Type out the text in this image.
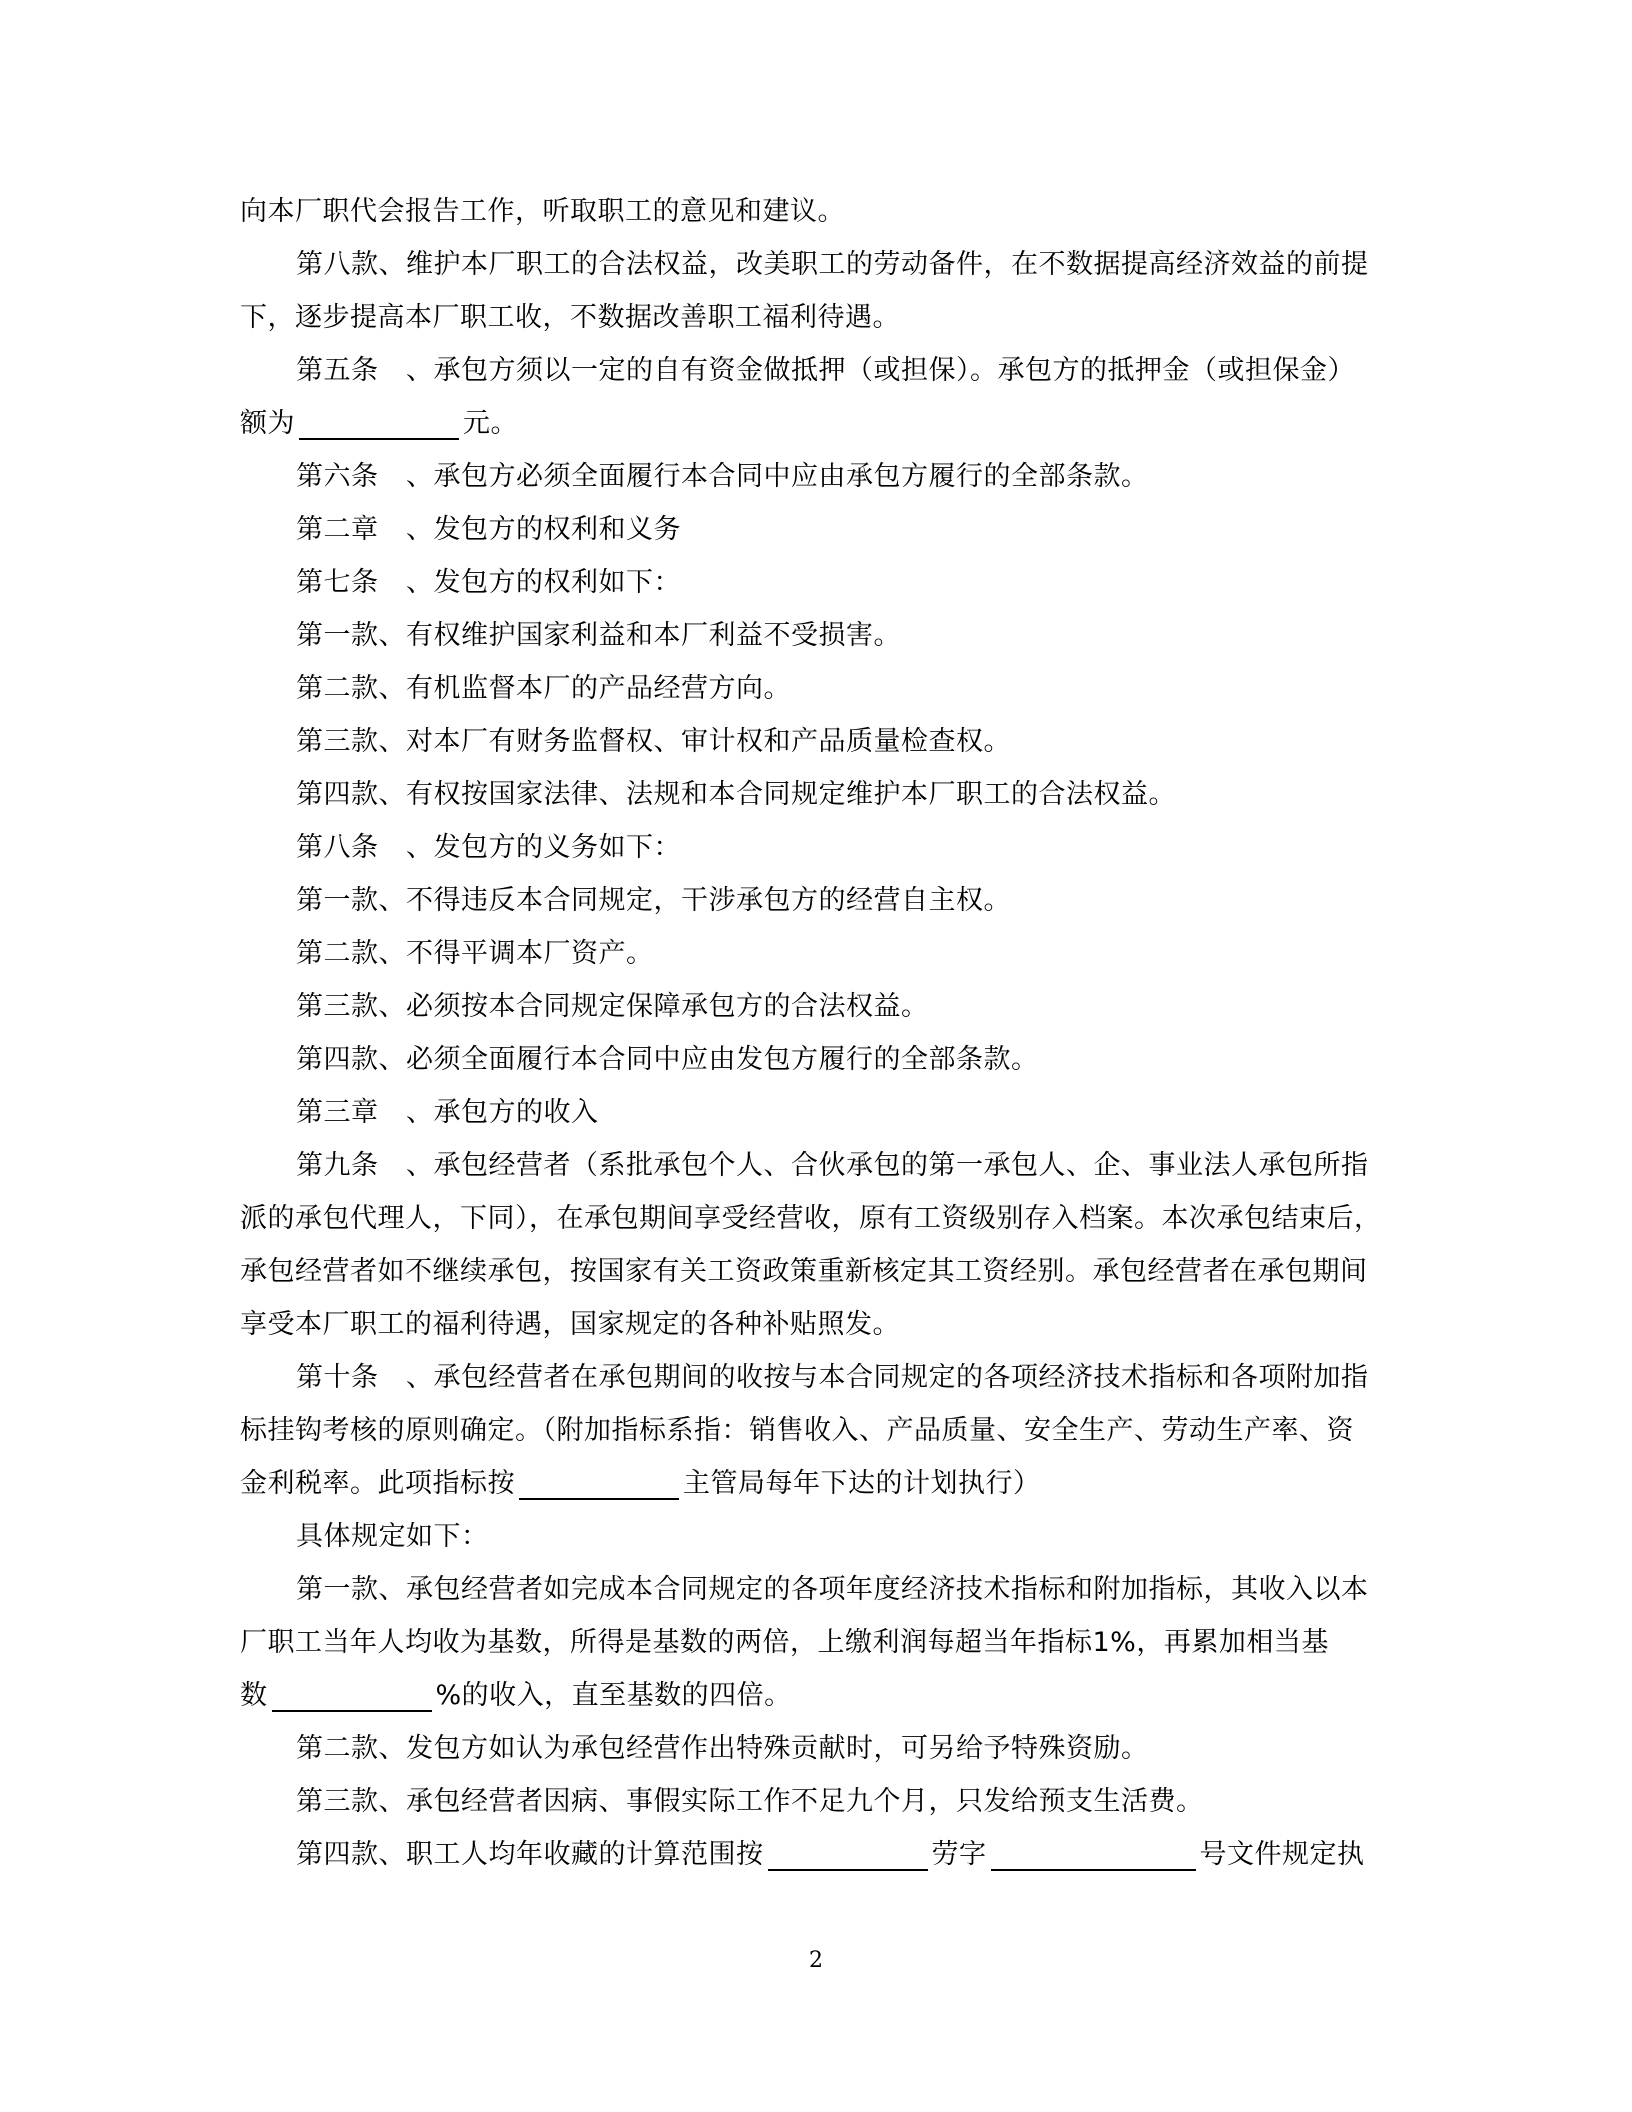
向本厂职代会报告工作，听取职工的意见和建议。
第八款、维护本厂职工的合法权益，改美职工的劳动备件，在不数据提高经济效益的前提
下，逐步提高本厂职工收，不数据改善职工福利待遇。
第五条  、承包方须以一定的自有资金做抵押（或担保）。承包方的抵押金（或担保金）
额为	元。
第六条  、承包方必须全面履行本合同中应由承包方履行的全部条款。
第二章  、发包方的权利和义务
第七条  、发包方的权利如下：
第一款、有权维护国家利益和本厂利益不受损害。
第二款、有机监督本厂的产品经营方向。
第三款、对本厂有财务监督权、审计权和产品质量检查权。
第四款、有权按国家法律、法规和本合同规定维护本厂职工的合法权益。
第八条  、发包方的义务如下：
第一款、不得违反本合同规定，干涉承包方的经营自主权。
第二款、不得平调本厂资产。
第三款、必须按本合同规定保障承包方的合法权益。
第四款、必须全面履行本合同中应由发包方履行的全部条款。
第三章  、承包方的收入
第九条  、承包经营者（系批承包个人、合伙承包的第一承包人、企、事业法人承包所指
派的承包代理人，下同），在承包期间享受经营收，原有工资级别存入档案。本次承包结束后，
承包经营者如不继续承包，按国家有关工资政策重新核定其工资经别。承包经营者在承包期间
享受本厂职工的福利待遇，国家规定的各种补贴照发。
第十条  、承包经营者在承包期间的收按与本合同规定的各项经济技术指标和各项附加指
标挂钩考核的原则确定。（附加指标系指：销售收入、产品质量、安全生产、劳动生产率、资
金利税率。此项指标按	主管局每年下达的计划执行）
具体规定如下：
第一款、承包经营者如完成本合同规定的各项年度经济技术指标和附加指标，其收入以本
厂职工当年人均收为基数，所得是基数的两倍，上缴利润每超当年指标1%，再累加相当基
数	%的收入，直至基数的四倍。
第二款、发包方如认为承包经营作出特殊贡献时，可另给予特殊资励。
第三款、承包经营者因病、事假实际工作不足九个月，只发给预支生活费。
第四款、职工人均年收藏的计算范围按	劳字	号文件规定执
2
